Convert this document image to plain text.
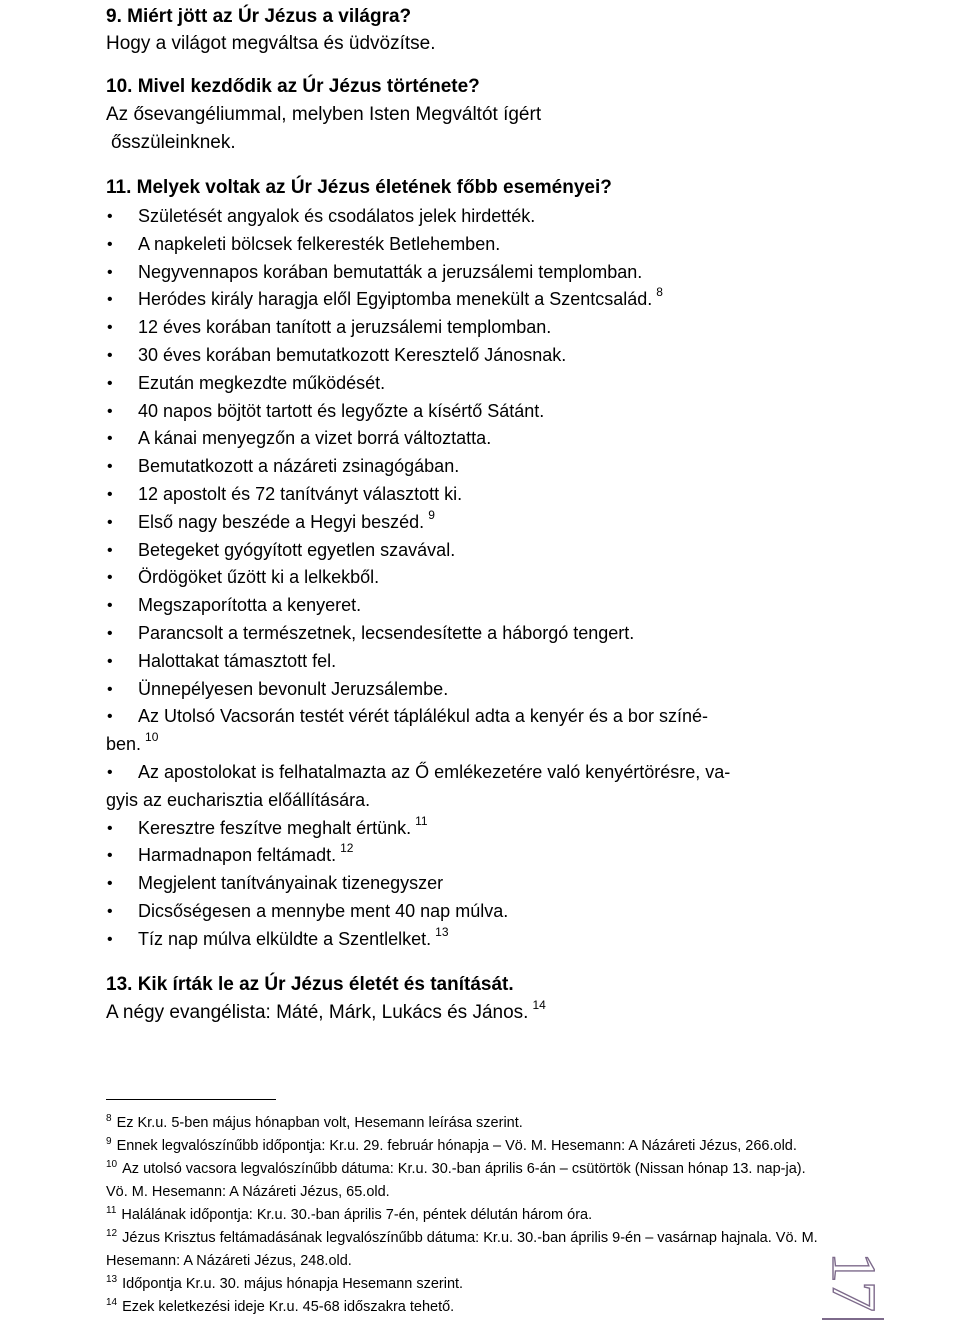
9. Miért jött az Úr Jézus a világra?
Hogy a világot megváltsa és üdvözítse.
10. Mivel kezdődik az Úr Jézus története?
Az ősevangéliummal, melyben Isten Megváltót ígért
ősszüleinknek.
11. Melyek voltak az Úr Jézus életének főbb eseményei?
• Születését angyalok és csodálatos jelek hirdették.
• A napkeleti bölcsek felkeresték Betlehemben.
• Negyvennapos korában bemutatták a jeruzsálemi templomban.
• Heródes király haragja elől Egyiptomba menekült a Szentcsalád. $^8$
• 12 éves korában tanított a jeruzsálemi templomban.
• 30 éves korában bemutatkozott Keresztelő Jánosnak.
• Ezután megkezdte működését.
• 40 napos böjtöt tartott és legyőzte a kísértő Sátánt.
• A kánai menyegzőn a vizet borrá változtatta.
• Bemutatkozott a názáreti zsinagógában.
• 12 apostolt és 72 tanítványt választott ki.
• Első nagy beszéde a Hegyi beszéd. $^9$
• Betegeket gyógyított egyetlen szavával.
• Ördögöket űzött ki a lelkekből.
• Megszaporította a kenyeret.
• Parancsolt a természetnek, lecsendesítette a háborgó tengert.
• Halottakat támasztott fel.
• Ünnepélyesen bevonult Jeruzsálembe.
• Az Utolsó Vacsorán testét vérét táplálékul adta a kenyér és a bor színé-
ben. $^{10}$
• Az apostolokat is felhatalmazta az Ő emlékezetére való kenyértörésre, va-
gyis az eucharisztia előállítására.
• Keresztre feszítve meghalt értünk. $^{11}$
• Harmadnapon feltámadt. $^{12}$
• Megjelent tanítványainak tizenegyszer
• Dicsőségesen a mennybe ment 40 nap múlva.
• Tíz nap múlva elküldte a Szentlelket. $^{13}$
13. Kik írták le az Úr Jézus életét és tanítását.
A négy evangélista: Máté, Márk, Lukács és János. $^{14}$
$^8$ Ez Kr.u. 5-ben május hónapban volt, Hesemann leírása szerint.
$^9$ Ennek legvalószínűbb időpontja: Kr.u. 29. február hónapja – Vö. M. Hesemann: A Názáreti Jézus, 266.old.
$^{10}$ Az utolsó vacsora legvalószínűbb dátuma: Kr.u. 30.-ban április 6-án – csütörtök (Nissan hónap 13. nap-ja). Vö. M. Hesemann: A Názáreti Jézus, 65.old.
$^{11}$ Halálának időpontja: Kr.u. 30.-ban április 7-én, péntek délután három óra.
$^{12}$ Jézus Krisztus feltámadásának legvalószínűbb dátuma: Kr.u. 30.-ban április 9-én – vasárnap hajnala. Vö. M. Hesemann: A Názáreti Jézus, 248.old.
$^{13}$ Időpontja Kr.u. 30. május hónapja Hesemann szerint.
$^{14}$ Ezek keletkezési ideje Kr.u. 45-68 időszakra tehető.	17
